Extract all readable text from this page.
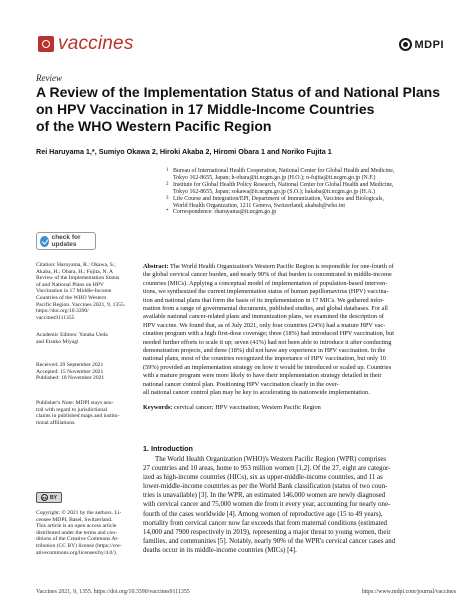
vaccines	MDPI
Review
A Review of the Implementation Status of and National Plans
on HPV Vaccination in 17 Middle-Income Countries
of the WHO Western Pacific Region
Rei Haruyama 1,*, Sumiyo Okawa 2, Hiroki Akaba 2, Hiromi Obara 1 and Noriko Fujita 1
1 Bureau of International Health Cooperation, National Center for Global Health and Medicine,
Tokyo 162-8655, Japan; h-obara@it.ncgm.go.jp (H.O.); n-fujita@it.ncgm.go.jp (N.F.)
2 Institute for Global Health Policy Research, National Center for Global Health and Medicine,
Tokyo 162-8655, Japan; sokawa@it.ncgm.go.jp (S.O.); hakaba@it.ncgm.go.jp (H.A.)
3 Life Course and Integration/EPI, Department of Immunization, Vaccines and Biologicals,
World Health Organization, 1211 Geneva, Switzerland; akabah@who.int
* Correspondence: rharuyama@it.ncgm.go.jp
check for updates
Citation: Haruyama, R.; Okawa, S.;
Akaba, H.; Obara, H.; Fujita, N. A
Review of the Implementation Status
of and National Plans on HPV
Vaccination in 17 Middle-Income
Countries of the WHO Western
Pacific Region. Vaccines 2021, 9, 1355.
https://doi.org/10.3390/
vaccines9111355
Academic Editors: Yutaka Ueda
and Etsuko Miyagi
Received: 29 September 2021
Accepted: 15 November 2021
Published: 18 November 2021
Publisher's Note: MDPI stays neu-
tral with regard to jurisdictional
claims in published maps and institu-
tional affiliations.
cc BY
Copyright: © 2021 by the authors. Li-
censee MDPI, Basel, Switzerland.
This article is an open access article
distributed under the terms and con-
ditions of the Creative Commons At-
tribution (CC BY) license (https://cre-
ativecommons.org/licenses/by/4.0/).
Abstract: The World Health Organization's Western Pacific Region is responsible for one-fourth of
the global cervical cancer burden, and nearly 90% of that burden is concentrated in middle-income
countries (MICs). Applying a conceptual model of implementation of population-based interven-
tions, we synthesized the current implementation status of human papillomavirus (HPV) vaccina-
tion and national plans that form the basis of its implementation in 17 MICs. We gathered infor-
mation from a range of governmental documents, published studies, and global databases. For all
available national cancer-related plans and immunization plans, we examined the description of
HPV vaccine. We found that, as of July 2021, only four countries (24%) had a mature HPV vac-
cination program with a high first-dose coverage; three (18%) had introduced HPV vaccination, but
needed further efforts to scale it up; seven (41%) had not been able to introduce it after conducting
demonstration projects, and three (18%) did not have any experience in HPV vaccination. In the
national plans, most of the countries recognized the importance of HPV vaccination, but only 10
(59%) provided an implementation strategy on how it would be introduced or scaled up. Countries
with a mature program were more likely to have their implementation strategy detailed in their
national cancer control plan. Positioning HPV vaccination clearly in the over-
all national cancer control plan may be key to accelerating its nationwide implementation.
Keywords: cervical cancer; HPV vaccination; Western Pacific Region
1. Introduction
The World Health Organization (WHO)'s Western Pacific Region (WPR) comprises
27 countries and 10 areas, home to 953 million women [1,2]. Of the 27, eight are categor-
ized as high-income countries (HICs), six as upper-middle-income countries, and 11 as
lower-middle-income countries as per the World Bank classification (status of two coun-
tries is unavailable) [3]. In the WPR, an estimated 146,000 women are newly diagnosed
with cervical cancer and 75,000 women die from it every year, accounting for nearly one-
fourth of the cases worldwide [4]. Among women of reproductive age (15 to 49 years),
mortality from cervical cancer now far exceeds that from maternal conditions (estimated
14,000 and 7900 respectively in 2019), representing a major threat to young women, their
families, and communities [5]. Notably, nearly 90% of the WPR's cervical cancer cases and
deaths occur in its middle-income countries (MICs) [4].
Vaccines 2021, 9, 1355. https://doi.org/10.3390/vaccines9111355	https://www.mdpi.com/journal/vaccines
